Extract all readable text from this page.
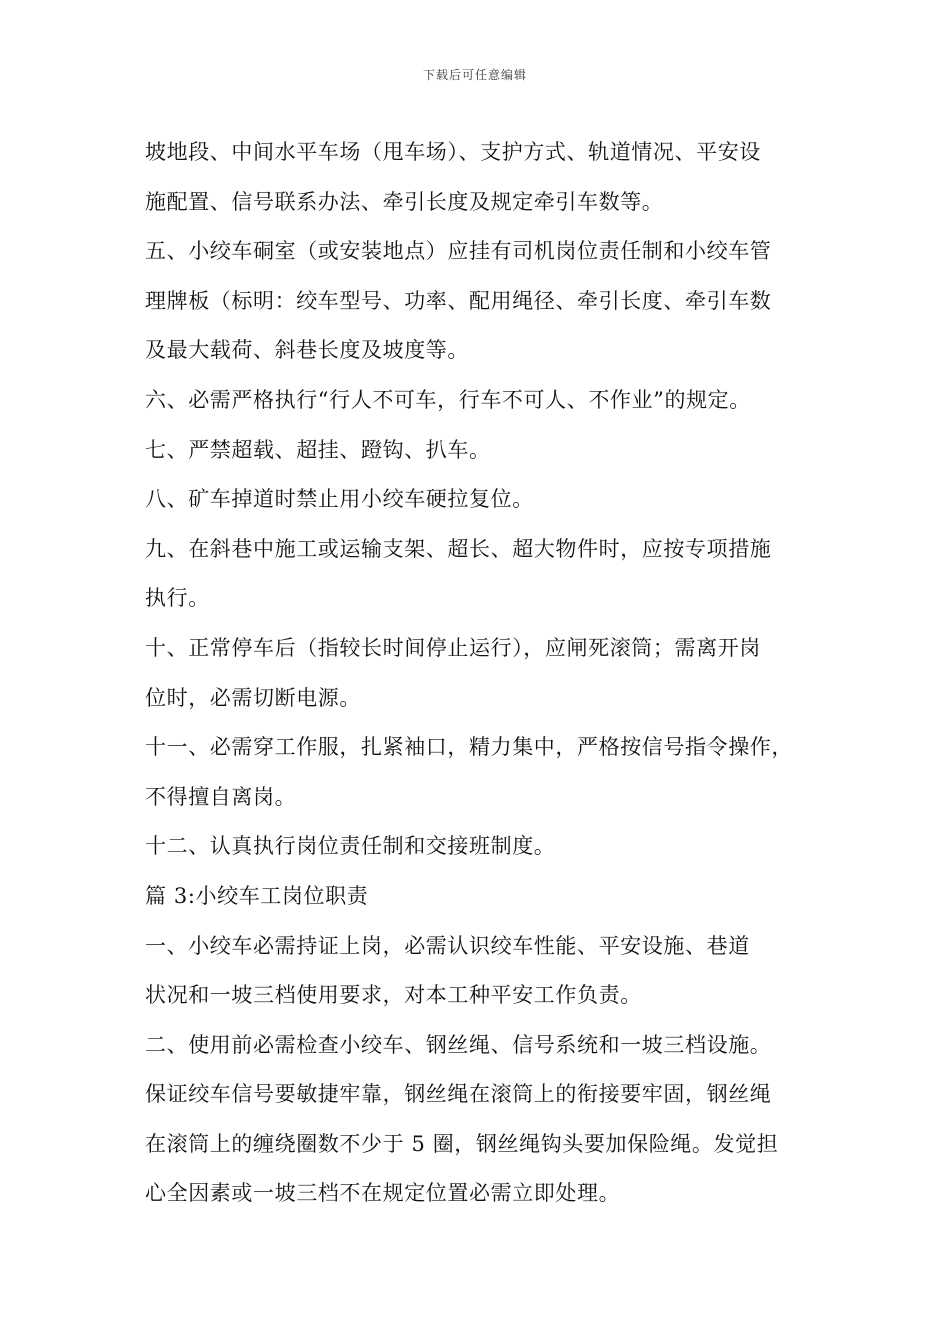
下载后可任意编辑
坡地段、中间水平车场（甩车场）、支护方式、轨道情况、平安设
施配置、信号联系办法、牵引长度及规定牵引车数等。
五、小绞车硐室（或安装地点）应挂有司机岗位责任制和小绞车管
理牌板（标明：绞车型号、功率、配用绳径、牵引长度、牵引车数
及最大载荷、斜巷长度及坡度等。
六、必需严格执行“行人不可车，行车不可人、不作业”的规定。
七、严禁超载、超挂、蹬钩、扒车。
八、矿车掉道时禁止用小绞车硬拉复位。
九、在斜巷中施工或运输支架、超长、超大物件时，应按专项措施
执行。
十、正常停车后（指较长时间停止运行），应闸死滚筒；需离开岗
位时，必需切断电源。
十一、必需穿工作服，扎紧袖口，精力集中，严格按信号指令操作，
不得擅自离岗。
十二、认真执行岗位责任制和交接班制度。
篇 3:小绞车工岗位职责
一、小绞车必需持证上岗，必需认识绞车性能、平安设施、巷道
状况和一坡三档使用要求，对本工种平安工作负责。
二、使用前必需检查小绞车、钢丝绳、信号系统和一坡三档设施。
保证绞车信号要敏捷牢靠，钢丝绳在滚筒上的衔接要牢固，钢丝绳
在滚筒上的缠绕圈数不少于 5 圈，钢丝绳钩头要加保险绳。发觉担
心全因素或一坡三档不在规定位置必需立即处理。
